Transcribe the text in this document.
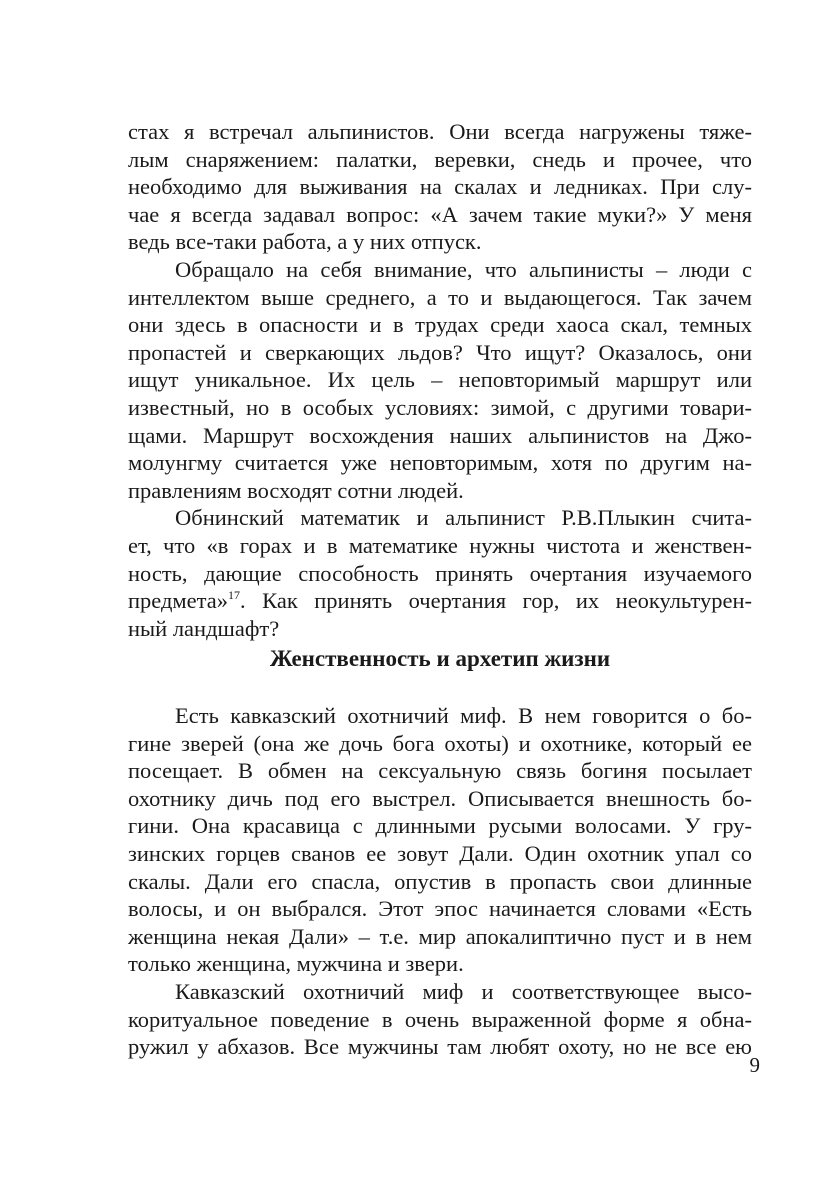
стах я встречал альпинистов. Они всегда нагружены тяже-
лым снаряжением: палатки, веревки, снедь и прочее, что
необходимо для выживания на скалах и ледниках. При слу-
чае я всегда задавал вопрос: «А зачем такие муки?» У меня
ведь все-таки работа, а у них отпуск.
Обращало на себя внимание, что альпинисты – люди с
интеллектом выше среднего, а то и выдающегося. Так зачем
они здесь в опасности и в трудах среди хаоса скал, темных
пропастей и сверкающих льдов? Что ищут? Оказалось, они
ищут уникальное. Их цель – неповторимый маршрут или
известный, но в особых условиях: зимой, с другими товари-
щами. Маршрут восхождения наших альпинистов на Джо-
молунгму считается уже неповторимым, хотя по другим на-
правлениям восходят сотни людей.
Обнинский математик и альпинист Р.В.Плыкин счита-
ет, что «в горах и в математике нужны чистота и женствен-
ность, дающие способность принять очертания изучаемого
предмета»$^{17}$. Как принять очертания гор, их неокультурен-
ный ландшафт?
Женственность и архетип жизни
Есть кавказский охотничий миф. В нем говорится о бо-
гине зверей (она же дочь бога охоты) и охотнике, который ее
посещает. В обмен на сексуальную связь богиня посылает
охотнику дичь под его выстрел. Описывается внешность бо-
гини. Она красавица с длинными русыми волосами. У гру-
зинских горцев сванов ее зовут Дали. Один охотник упал со
скалы. Дали его спасла, опустив в пропасть свои длинные
волосы, и он выбрался. Этот эпос начинается словами «Есть
женщина некая Дали» – т.е. мир апокалиптично пуст и в нем
только женщина, мужчина и звери.
Кавказский охотничий миф и соответствующее высо-
коритуальное поведение в очень выраженной форме я обна-
ружил у абхазов. Все мужчины там любят охоту, но не все ею
9
